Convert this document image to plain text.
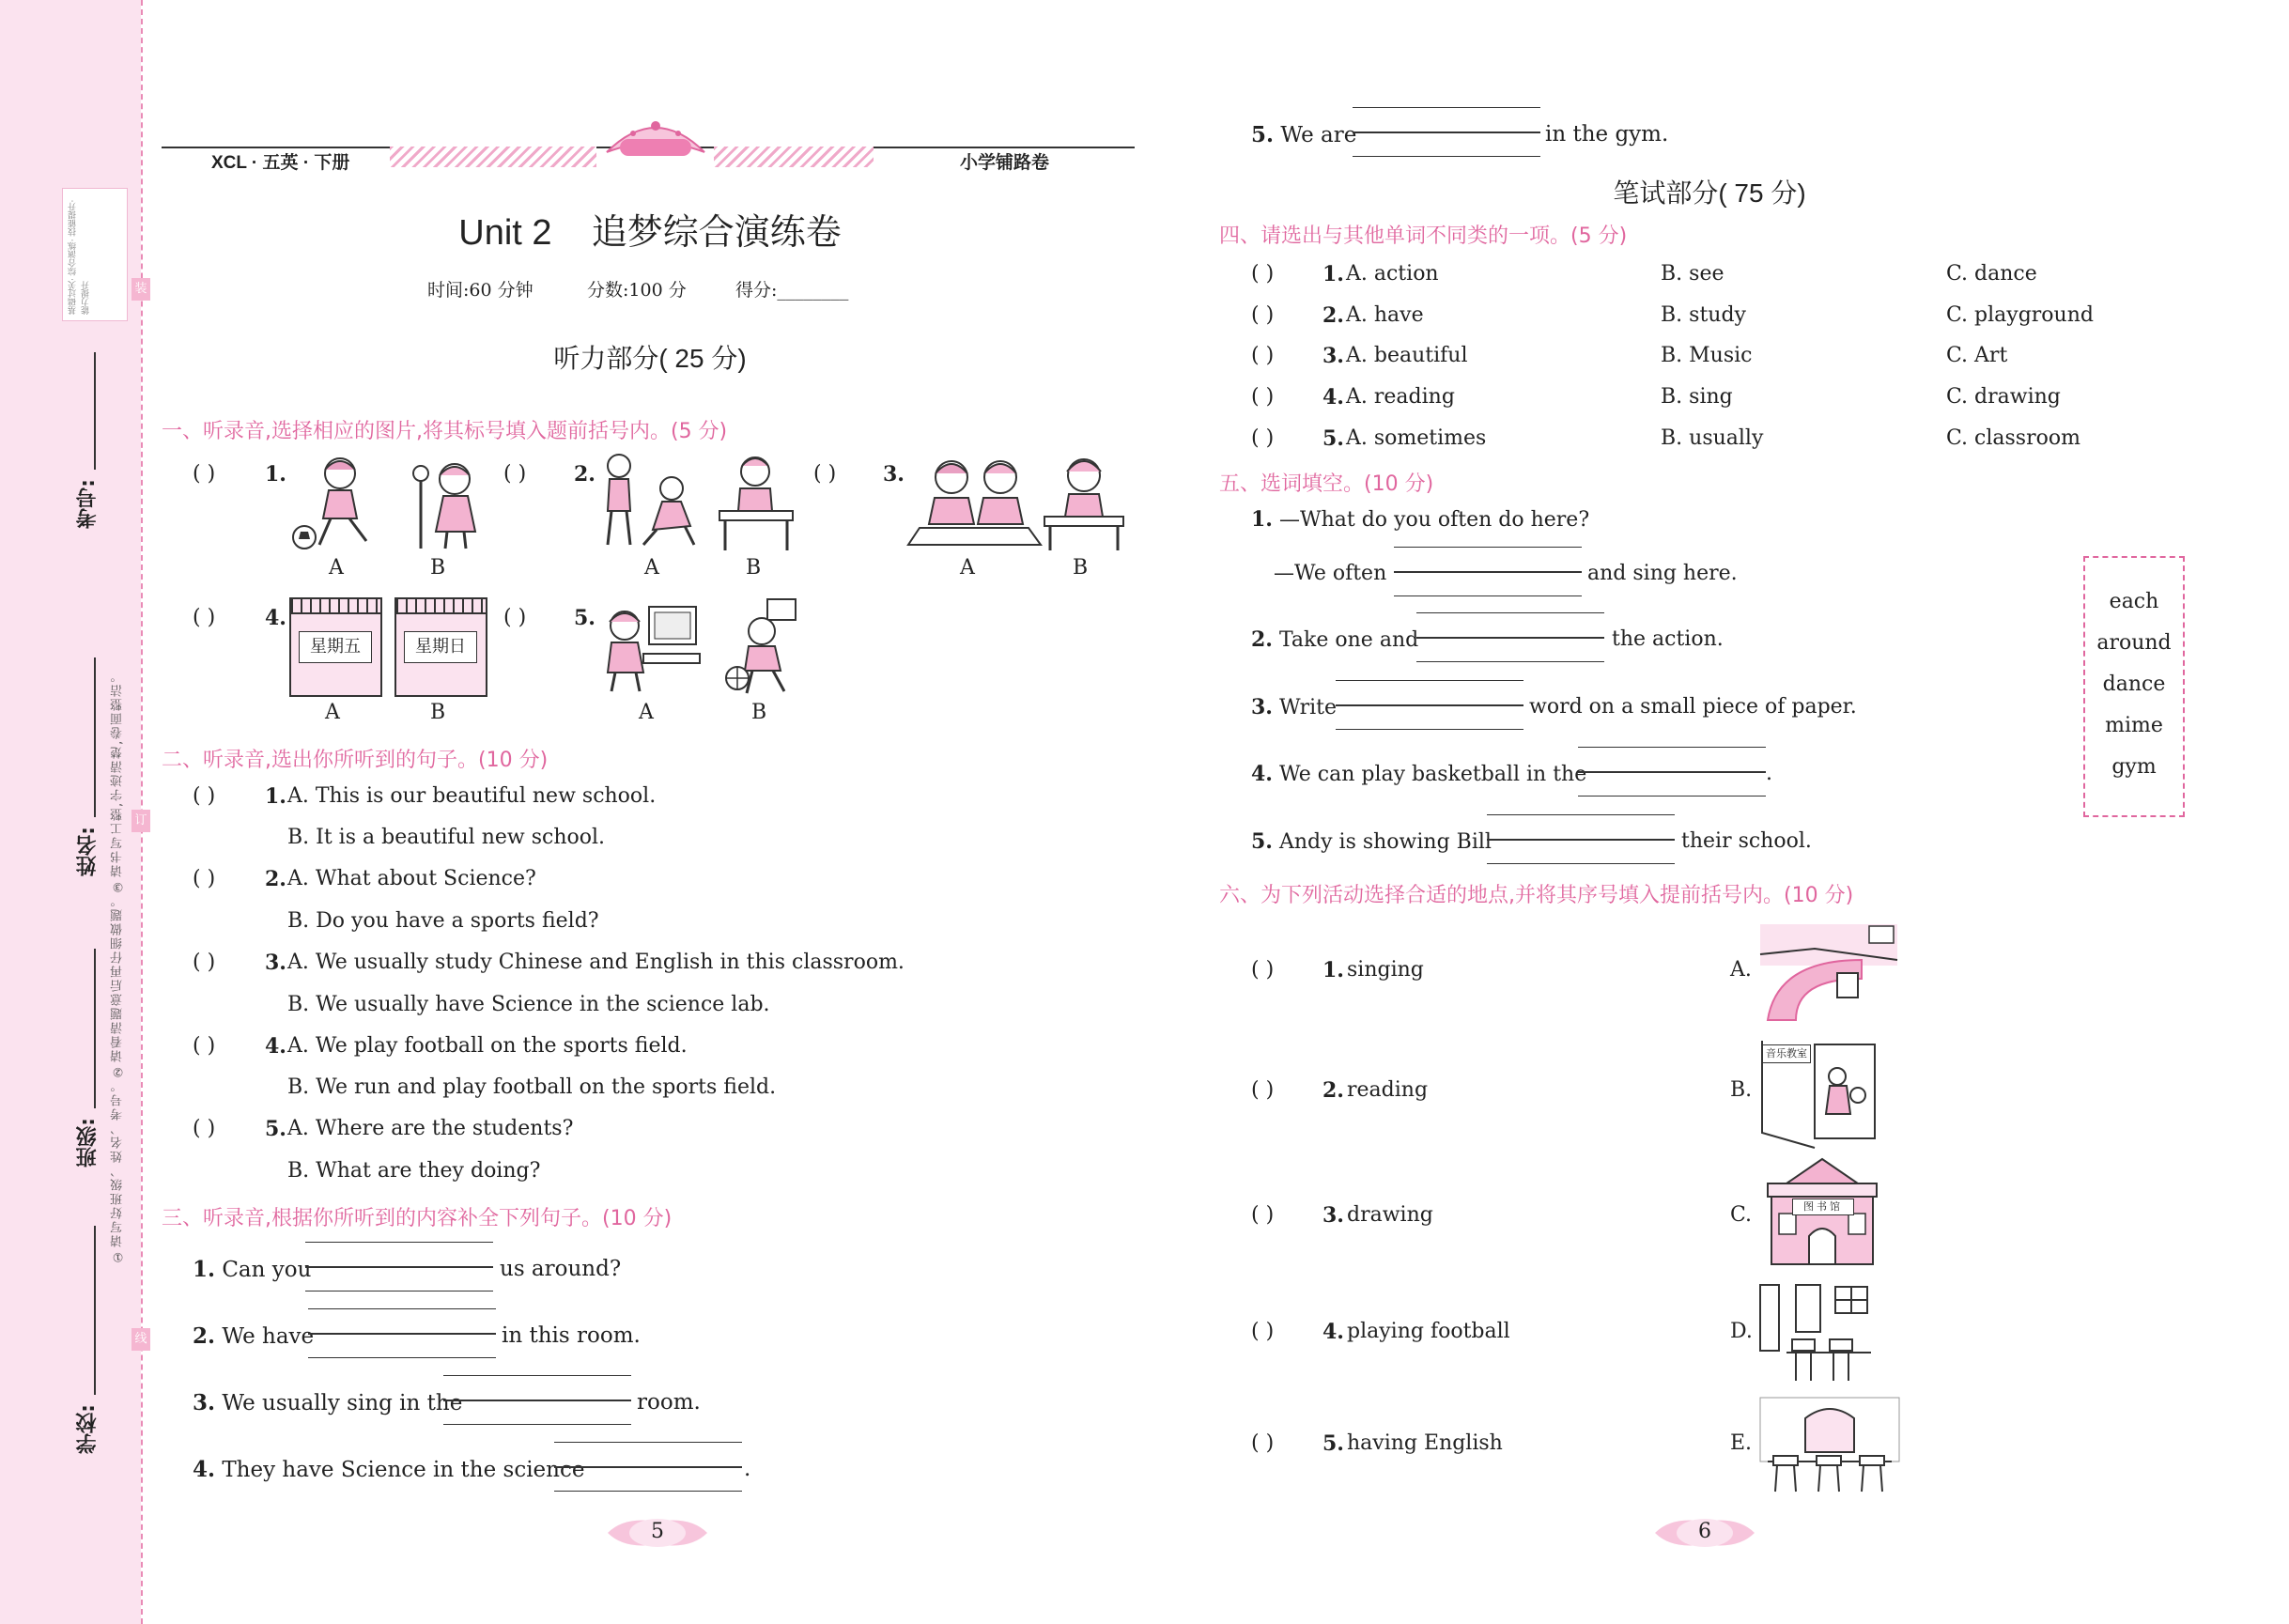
基础过关· 综合演练· 技能提升· 能力提升	装
订
线
考号:
姓名:
班级:
学校:
①请写好班级、姓名、考号。②请看清题意后再仔细做题。③请书写工整,字迹清楚,卷面整洁。
XCL · 五英 · 下册	小学铺路卷
Unit 2    追梦综合演练卷
时间:60 分钟	分数:100 分	得分:________
听力部分( 25 分)
一、听录音,选择相应的图片,将其标号填入题前括号内。(5 分)
( ) 1.
A	B
( ) 2.
A	B
( ) 3.
A	B
( ) 4.
星期五	星期日
A	B
( ) 5.
A	B
二、听录音,选出你所听到的句子。(10 分)
( ) 1. A. This is our beautiful new school.
B. It is a beautiful new school.
( ) 2. A. What about Science?
B. Do you have a sports field?
( ) 3. A. We usually study Chinese and English in this classroom.
B. We usually have Science in the science lab.
( ) 4. A. We play football on the sports field.
B. We run and play football on the sports field.
( ) 5. A. Where are the students?
B. What are they doing?
三、听录音,根据你所听到的内容补全下列句子。(10 分)
1. Can you	us around?
2. We have	in this room.
3. We usually sing in the	room.
4. They have Science in the science	.
5
5. We are	in the gym.
笔试部分( 75 分)
四、请选出与其他单词不同类的一项。(5 分)
( ) 1. A. action	B. see	C. dance
( ) 2. A. have	B. study	C. playground
( ) 3. A. beautiful	B. Music	C. Art
( ) 4. A. reading	B. sing	C. drawing
( ) 5. A. sometimes	B. usually	C. classroom
五、选词填空。(10 分)
1. —What do you often do here?
—We often	and sing here.
2. Take one and	the action.
3. Write	word on a small piece of paper.
4. We can play basketball in the	.
5. Andy is showing Bill	their school.
each
around
dance
mime
gym
六、为下列活动选择合适的地点,并将其序号填入提前括号内。(10 分)
( ) 1. singing	A.
( ) 2. reading	B.
音乐教室
( ) 3. drawing	C.	图书馆
( ) 4. playing football	D.
( ) 5. having English	E.
6
